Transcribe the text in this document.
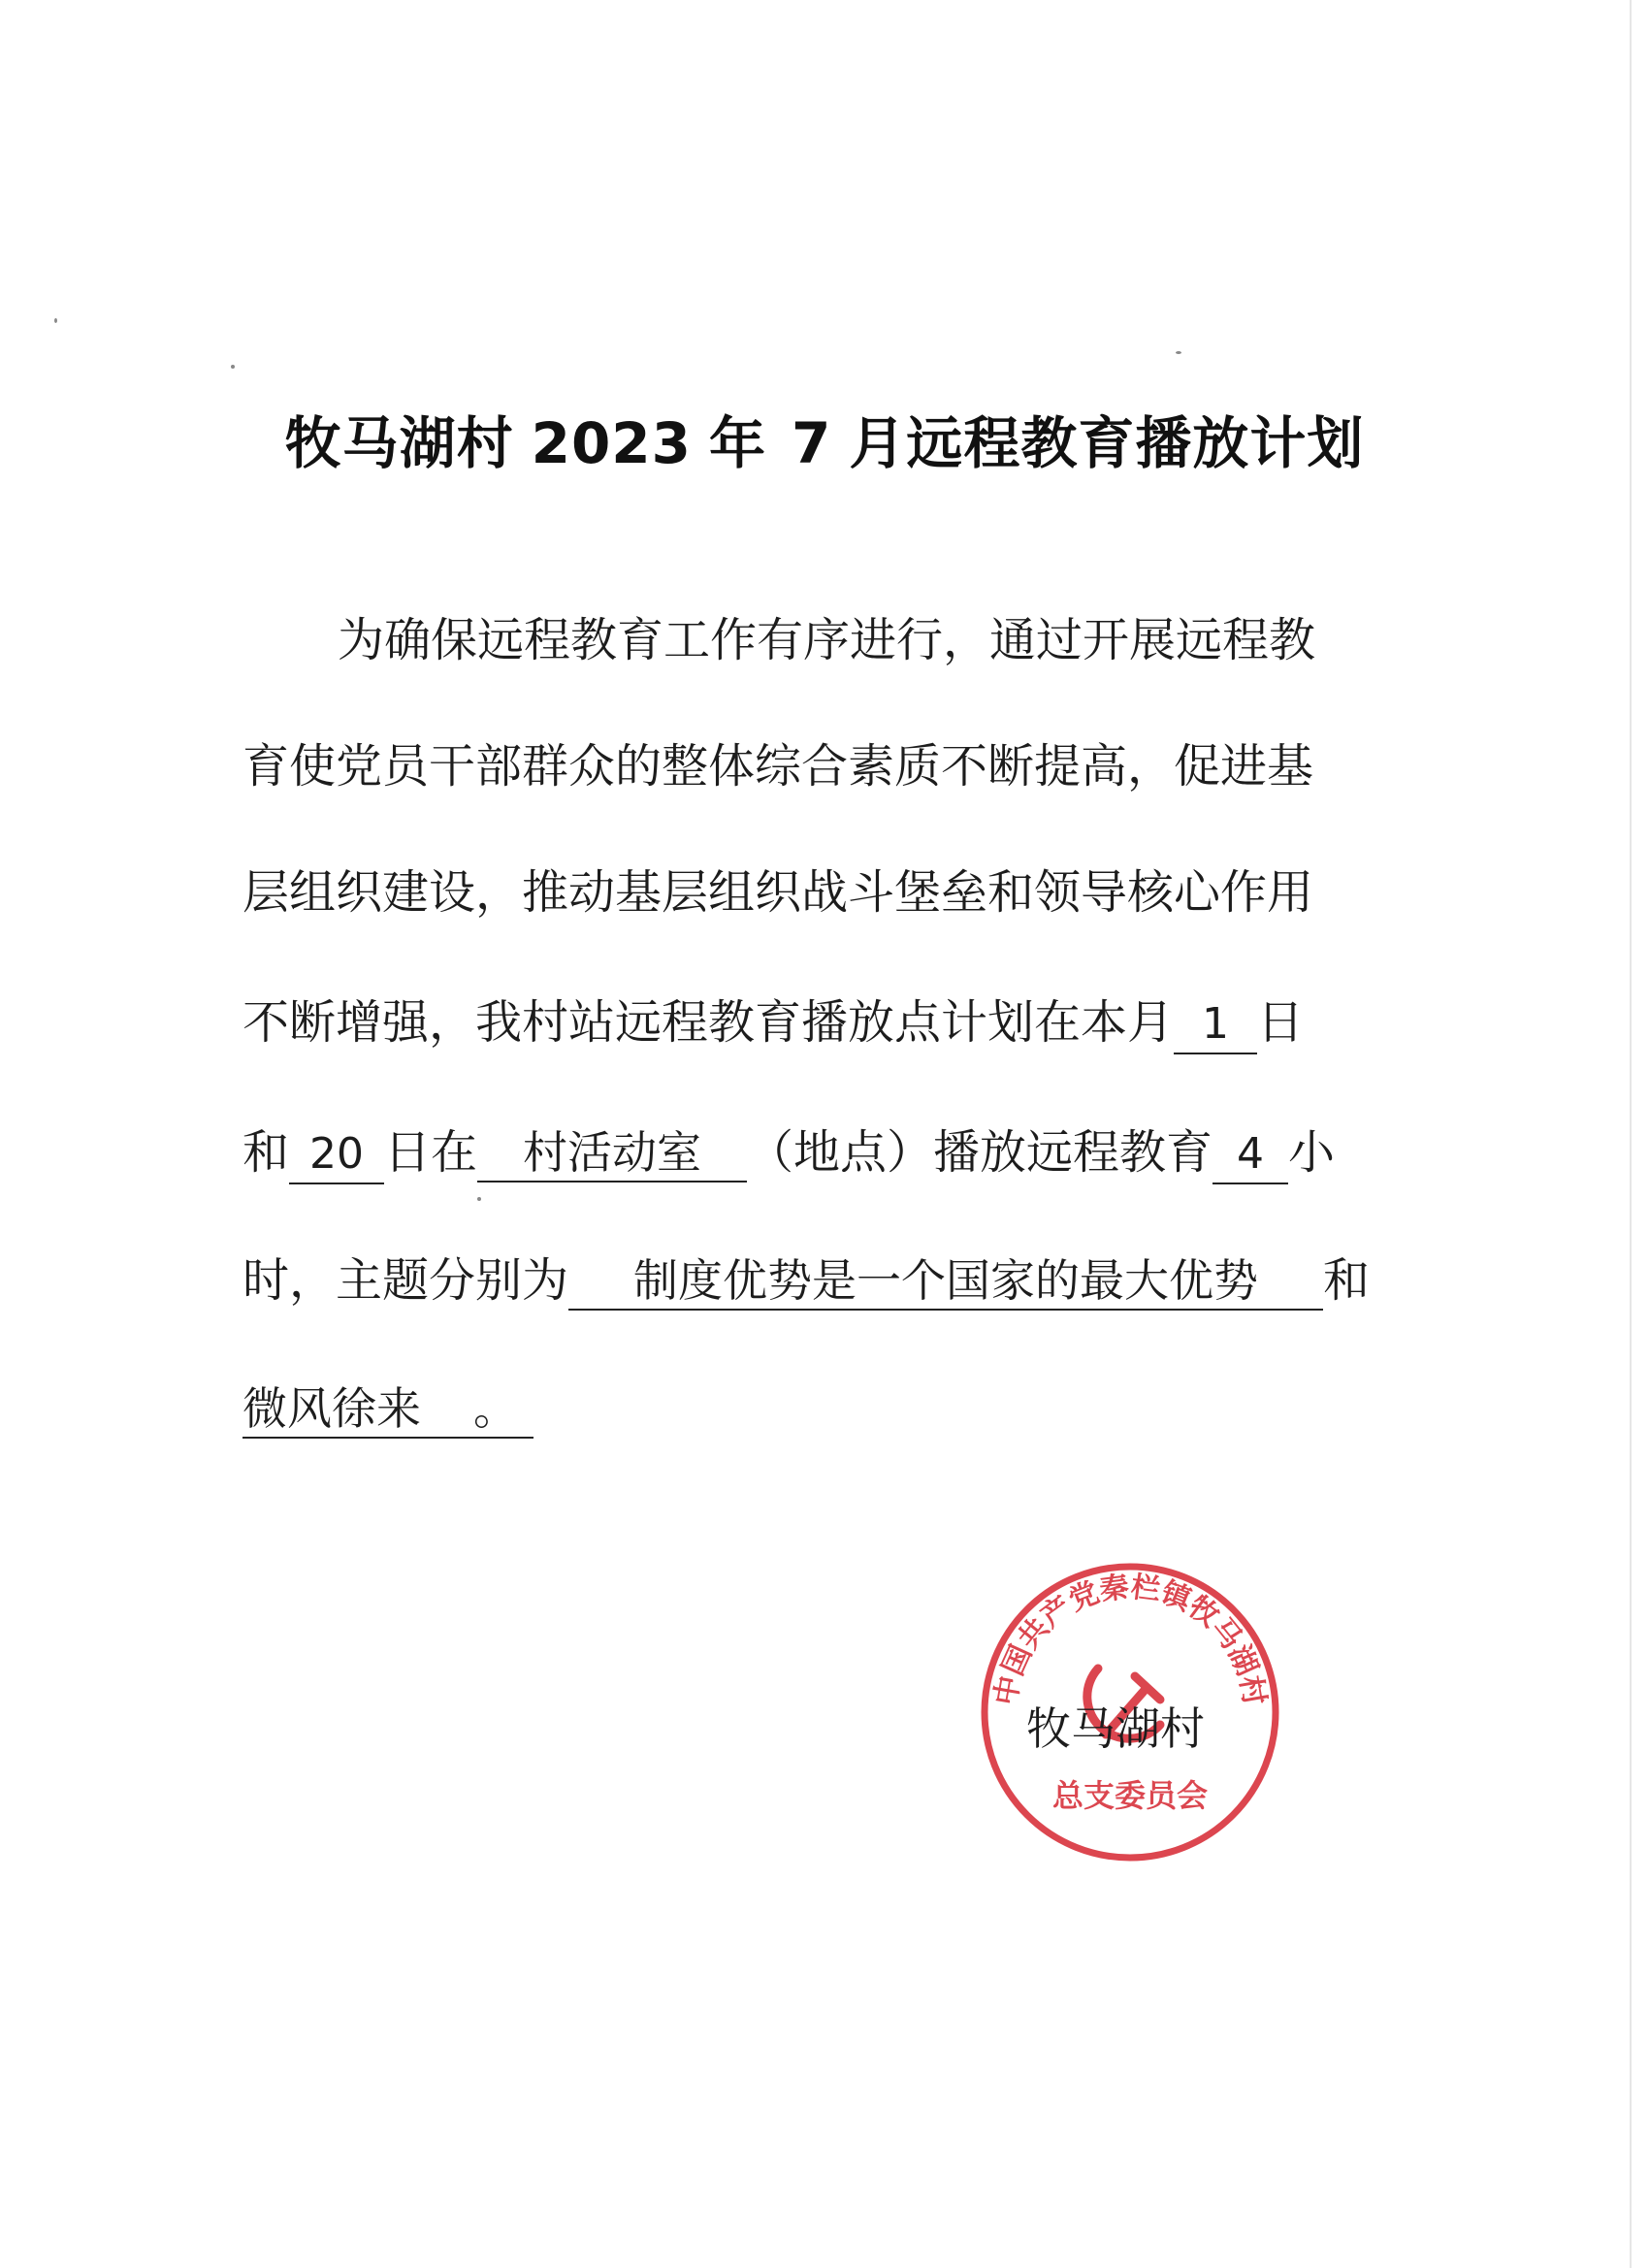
牧马湖村 2023 年 7 月远程教育播放计划
为确保远程教育工作有序进行，通过开展远程教
育使党员干部群众的整体综合素质不断提高，促进基
层组织建设，推动基层组织战斗堡垒和领导核心作用
不断增强，我村站远程教育播放点计划在本月 1 日
和 20 日在 村活动室 （地点）播放远程教育 4 小
时，主题分别为 制度优势是一个国家的最大优势 和
微风徐来 。
中国共产党秦栏镇牧马湖村
总支委员会
牧马湖村
